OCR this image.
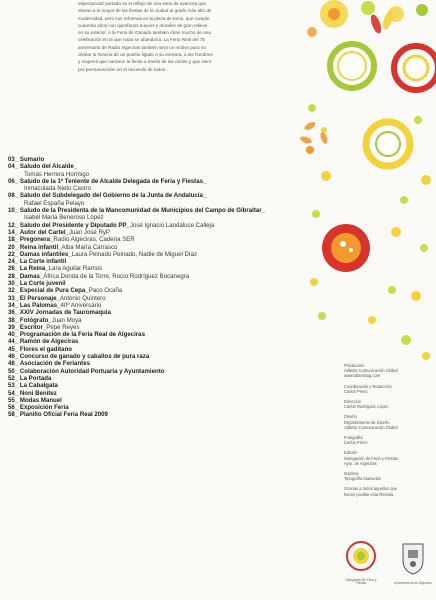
espectacular portada es el reflejo de una serie de avances que

elevan a la mayor de las fiestas de la ciudad al grado más alto de

modernidad, pero sus reformas en la plaza de toros, que cumple

cuarenta años con quirófanos nuevos y murales de gran relieve

en su exterior, o la Feria de Ganado también diran mucho de una

celebración en la que nada se abandona. La Feria Real del 75

aniversario de Radio Algeciras también será un motivo para no

olvidar la historia de un pueblo ligado a su emisora, a los hombres

y mujeres que narraron la fiesta a través de las ondas y que siem-

pre permanecerán en el recuerdo de todos.

03_ Sumario
04_ Saludo del Alcalde_
Tomás Herrera Hormigo
06_ Saludo de la 1ª Teniente de Alcalde Delegada de Feria y Fiestas_
Inmaculada Nieto Castro
08_ Saludo del Subdelegado del Gobierno de la Junta de Andalucía_
Rafael España Pelayo
10_ Saludo de la Presidenta de la Mancomunidad de Municipios del Campo de Gibraltar_
Isabel María Beneroso López
12_ Saludo del Presidente y Diputado PP_José Ignacio Landaluce Calleja
14_ Autor del Cartel_Juan José RyP
18_ Pregonera_Radio Algeciras, Cadena SER
20_ Reina infantil_Alba María Carrasco
22_ Damas infantiles_Laura Peinado Peinado, Nadie de Miguel Díaz
24_ La Corte infantil
26_ La Reina_Lara Aguilar Ramos
28_ Damas_África Donda de la Torre, Rocío Rodríguez Bocanegra
30_ La Corte juvenil
32_ Especial de Pura Cepa_Paco Ocaña
33_ El Personaje_Antonio Quintero
34_ Las Palomas_40º Aniversario
36_ XXIV Jornadas de Tauromaquia
38_ Fotógrafo_Juan Moya
39_ Escritor_Pepe Reyes
40_ Programación de la Feria Real de Algeciras
44_ Ramón de Algeciras
45_ Flores el gaditano
46_ Concurso de ganado y caballos de pura raza
48_ Asociación de Feriantes
50_ Colaboración Autoridad Portuaria y Ayuntamiento
52_ La Portada
53_ La Cabalgata
54_ Noni Benítez
55_ Modas Manuel
56_ Exposición Feria
58_ Planillo Oficial Feria Real 2009
Producción
Atlántis Comunicación Global
www.atlantisag.com
Coordinación y Redacción
Carlos Pérez
Dirección
Carlos Rodríguez López
Diseño
Departamento de Diseño
Atlántis Comunicación Global
Fotografía
Carlos Pérez
Edición
Delegación de Feria y Fiestas
Ayto. de Algeciras
Imprime
Tipografía Mazuelas
Gracias a todos aquellos que
hacen posible esta Revista.
Delegación de Feria y Fiestas	Ayuntamiento de Algeciras
